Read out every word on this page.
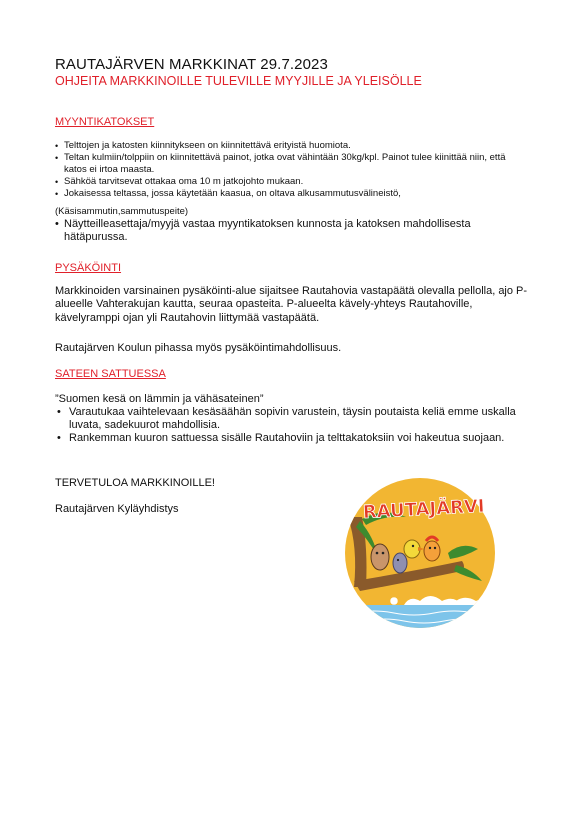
RAUTAJÄRVEN MARKKINAT 29.7.2023
OHJEITA MARKKINOILLE TULEVILLE MYYJILLE JA YLEISÖLLE
MYYNTIKATOKSET
• Telttojen ja katosten kiinnitykseen on kiinnitettävä erityistä huomiota.
• Teltan kulmiin/tolppiin on kiinnitettävä painot, jotka ovat vähintään 30kg/kpl. Painot tulee kiinittää niin, että katos ei irtoa maasta.
• Sähköä tarvitsevat ottakaa oma 10 m jatkojohto mukaan.
• Jokaisessa teltassa, jossa käytetään kaasua, on oltava alkusammutusvälineistö,

(Käsisammutin,sammutuspeite)

• Näytteilleasettaja/myyjä vastaa myyntikatoksen kunnosta ja katoksen mahdollisesta hätäpurussa.
PYSÄKÖINTI

Markkinoiden varsinainen pysäköinti-alue sijaitsee Rautahovia vastapäätä olevalla pellolla, ajo P-alueelle Vahterakujan kautta, seuraa opasteita. P-alueelta kävely-yhteys Rautahoville, kävelyramppi ojan yli Rautahovin liittymää vastapäätä.

Rautajärven Koulun pihassa myös pysäköintimahdollisuus.

SATEEN SATTUESSA

”Suomen kesä on lämmin ja vähäsateinen”

• Varautukaa vaihtelevaan kesäsäähän sopivin varustein, täysin poutaista keliä emme uskalla luvata, sadekuurot mahdollisia.
• Rankemman kuuron sattuessa sisälle Rautahoviin ja telttakatoksiin voi hakeutua suojaan.

TERVETULOA MARKKINOILLE!

Rautajärven Kyläyhdistys	RAUTAJÄRVI
